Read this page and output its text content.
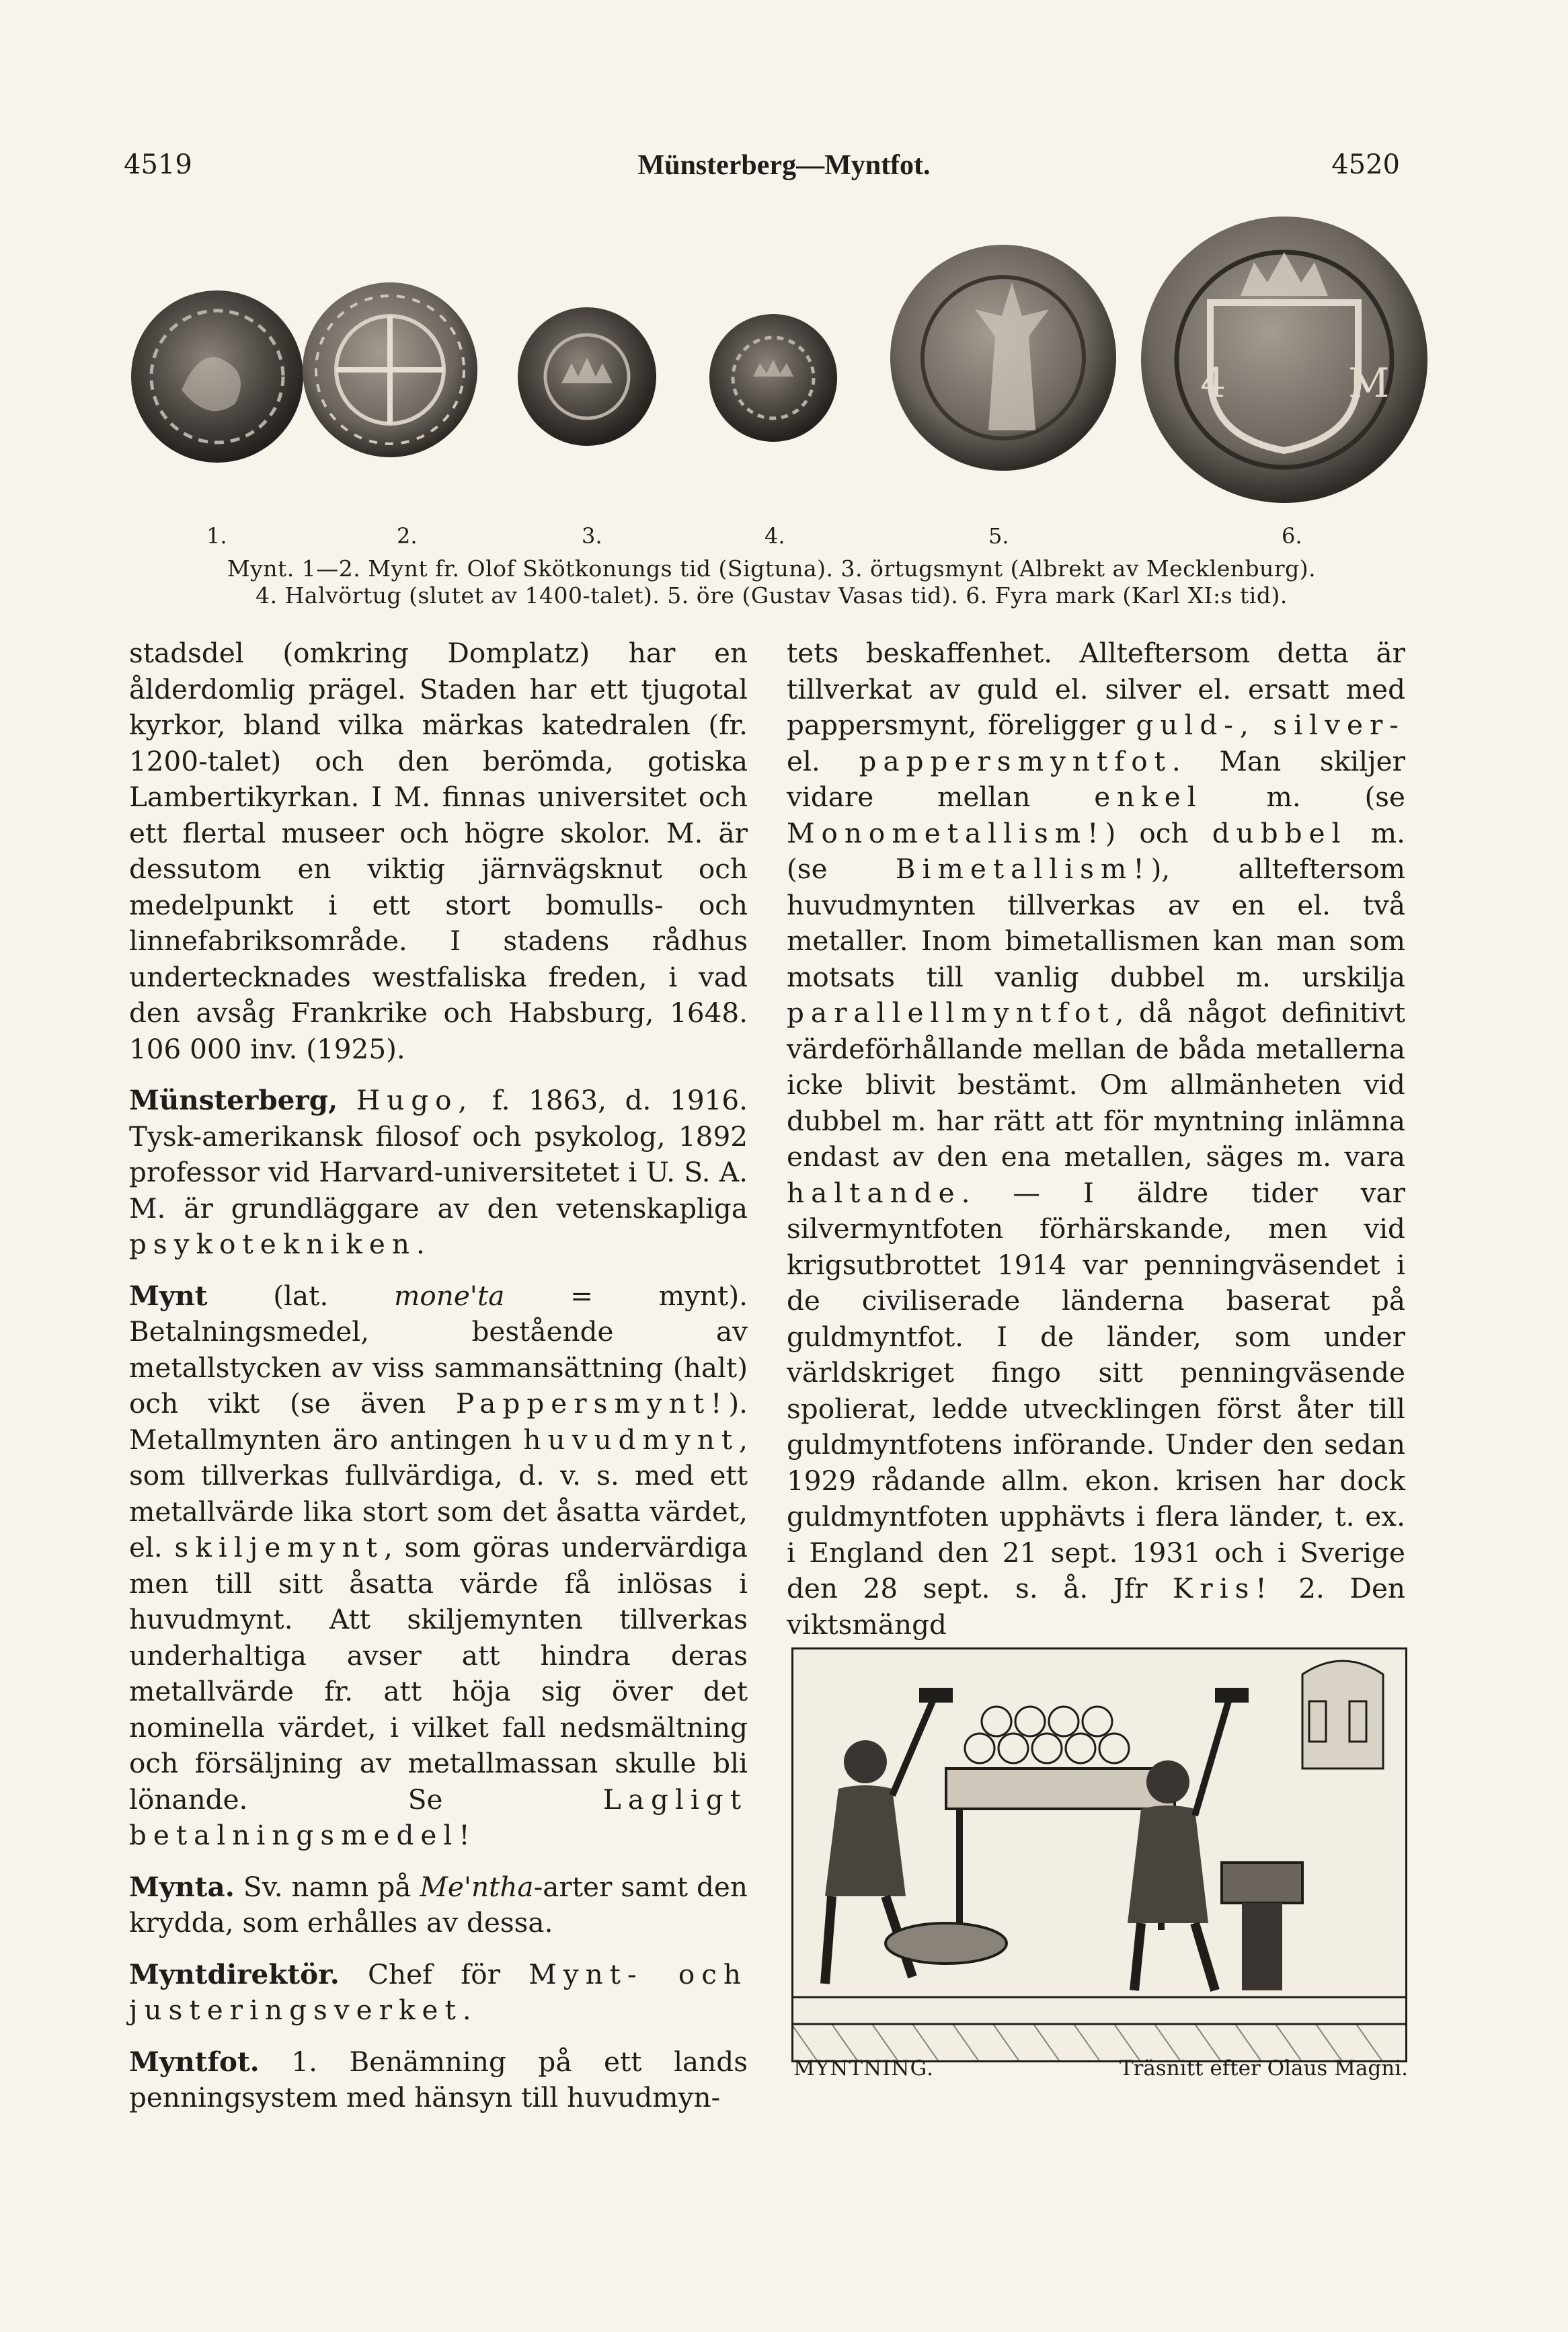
4519	Münsterberg—Myntfot.	4520
4	M
1.	2.	3.	4.	5.	6.
Mynt. 1—2. Mynt fr. Olof Skötkonungs tid (Sigtuna). 3. örtugsmynt (Albrekt av Mecklenburg).
4. Halvörtug (slutet av 1400-talet). 5. öre (Gustav Vasas tid). 6. Fyra mark (Karl XI:s tid).

stadsdel (omkring Domplatz) har en ålderdomlig prägel. Staden har ett tjugotal kyrkor, bland vilka märkas katedralen (fr. 1200-talet) och den berömda, gotiska Lambertikyrkan. I M. finnas universitet och ett flertal museer och högre skolor. M. är dessutom en viktig järnvägsknut och medelpunkt i ett stort bomulls- och linnefabriksområde. I stadens rådhus undertecknades westfaliska freden, i vad den avsåg Frankrike och Habsburg, 1648. 106 000 inv. (1925).

Münsterberg, Hugo, f. 1863, d. 1916. Tysk-amerikansk filosof och psykolog, 1892 professor vid Harvard-universitetet i U. S. A. M. är grundläggare av den vetenskapliga psykotekniken.

Mynt (lat. mone'ta = mynt). Betalningsmedel, bestående av metallstycken av viss sammansättning (halt) och vikt (se även Pappersmynt!). Metallmynten äro antingen huvudmynt, som tillverkas fullvärdiga, d. v. s. med ett metallvärde lika stort som det åsatta värdet, el. skiljemynt, som göras undervärdiga men till sitt åsatta värde få inlösas i huvudmynt. Att skiljemynten tillverkas underhaltiga avser att hindra deras metallvärde fr. att höja sig över det nominella värdet, i vilket fall nedsmältning och försäljning av metallmassan skulle bli lönande. Se Lagligt betalningsmedel!

Mynta. Sv. namn på Me'ntha-arter samt den krydda, som erhålles av dessa.

Myntdirektör. Chef för Mynt- och justeringsverket.

Myntfot. 1. Benämning på ett lands penningsystem med hänsyn till huvudmyn-

tets beskaffenhet. Allteftersom detta är tillverkat av guld el. silver el. ersatt med pappersmynt, föreligger guld-, silver- el. pappersmyntfot. Man skiljer vidare mellan enkel m. (se Monometallism!) och dubbel m. (se Bimetallism!), allteftersom huvudmynten tillverkas av en el. två metaller. Inom bimetallismen kan man som motsats till vanlig dubbel m. urskilja parallellmyntfot, då något definitivt värdeförhållande mellan de båda metallerna icke blivit bestämt. Om allmänheten vid dubbel m. har rätt att för myntning inlämna endast av den ena metallen, säges m. vara haltande. — I äldre tider var silvermyntfoten förhärskande, men vid krigsutbrottet 1914 var penningväsendet i de civiliserade länderna baserat på guldmyntfot. I de länder, som under världskriget fingo sitt penningväsende spolierat, ledde utvecklingen först åter till guldmyntfotens införande. Under den sedan 1929 rådande allm. ekon. krisen har dock guldmyntfoten upphävts i flera länder, t. ex. i England den 21 sept. 1931 och i Sverige den 28 sept. s. å. Jfr Kris! 2. Den viktsmängd

MYNTNING.	Träsnitt efter Olaus Magni.
